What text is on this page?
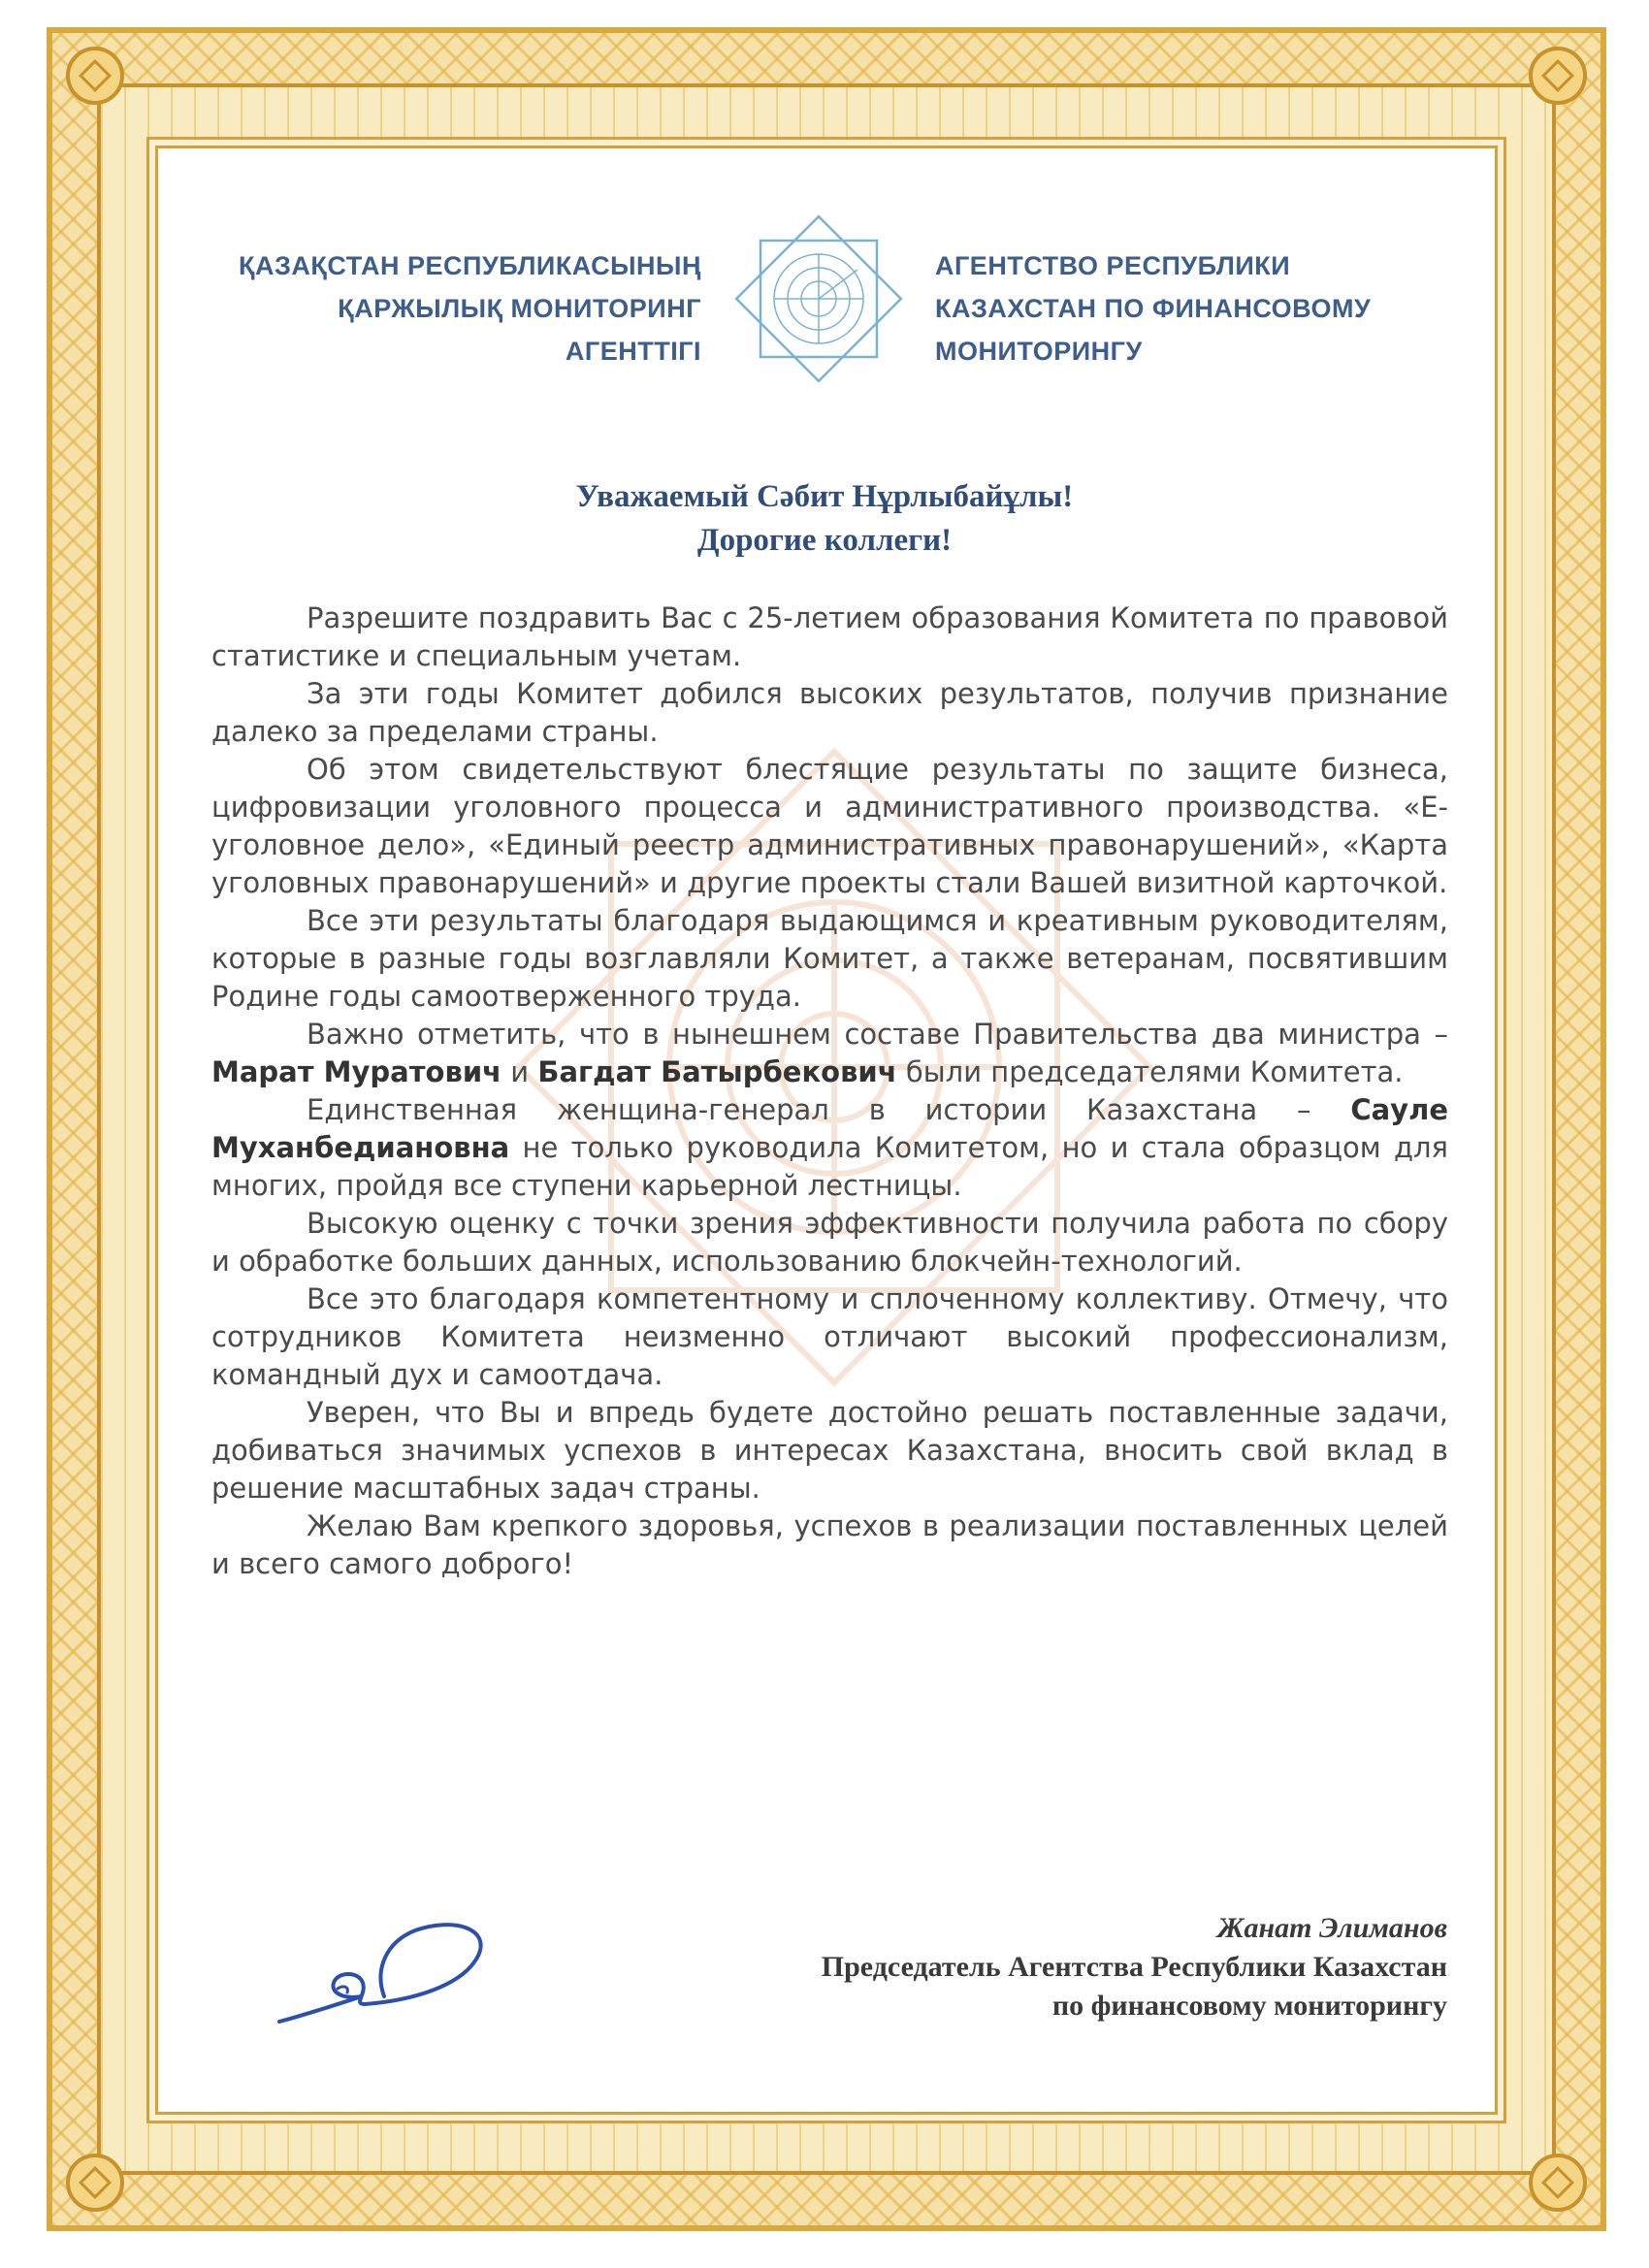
ҚАЗАҚСТАН РЕСПУБЛИКАСЫНЫҢ
ҚАРЖЫЛЫҚ МОНИТОРИНГ
АГЕНТТІГІ
АГЕНТСТВО РЕСПУБЛИКИ
КАЗАХСТАН ПО ФИНАНСОВОМУ
МОНИТОРИНГУ
Уважаемый Сәбит Нұрлыбайұлы!
Дорогие коллеги!

Разрешите поздравить Вас с 25-летием образования Комитета по правовой статистике и специальным учетам.

За эти годы Комитет добился высоких результатов, получив признание далеко за пределами страны.

Об этом свидетельствуют блестящие результаты по защите бизнеса, цифровизации уголовного процесса и административного производства. «Е-уголовное дело», «Единый реестр административных правонарушений», «Карта уголовных правонарушений» и другие проекты стали Вашей визитной карточкой.

Все эти результаты благодаря выдающимся и креативным руководителям, которые в разные годы возглавляли Комитет, а также ветеранам, посвятившим Родине годы самоотверженного труда.

Важно отметить, что в нынешнем составе Правительства два министра – Марат Муратович и Багдат Батырбекович были председателями Комитета.

Единственная женщина-генерал в истории Казахстана – Сауле Муханбедиановна не только руководила Комитетом, но и стала образцом для многих, пройдя все ступени карьерной лестницы.

Высокую оценку с точки зрения эффективности получила работа по сбору и обработке больших данных, использованию блокчейн-технологий.

Все это благодаря компетентному и сплоченному коллективу. Отмечу, что сотрудников Комитета неизменно отличают высокий профессионализм, командный дух и самоотдача.

Уверен, что Вы и впредь будете достойно решать поставленные задачи, добиваться значимых успехов в интересах Казахстана, вносить свой вклад в решение масштабных задач страны.

Желаю Вам крепкого здоровья, успехов в реализации поставленных целей и всего самого доброго!

Жанат Элиманов
Председатель Агентства Республики Казахстан
по финансовому мониторингу
